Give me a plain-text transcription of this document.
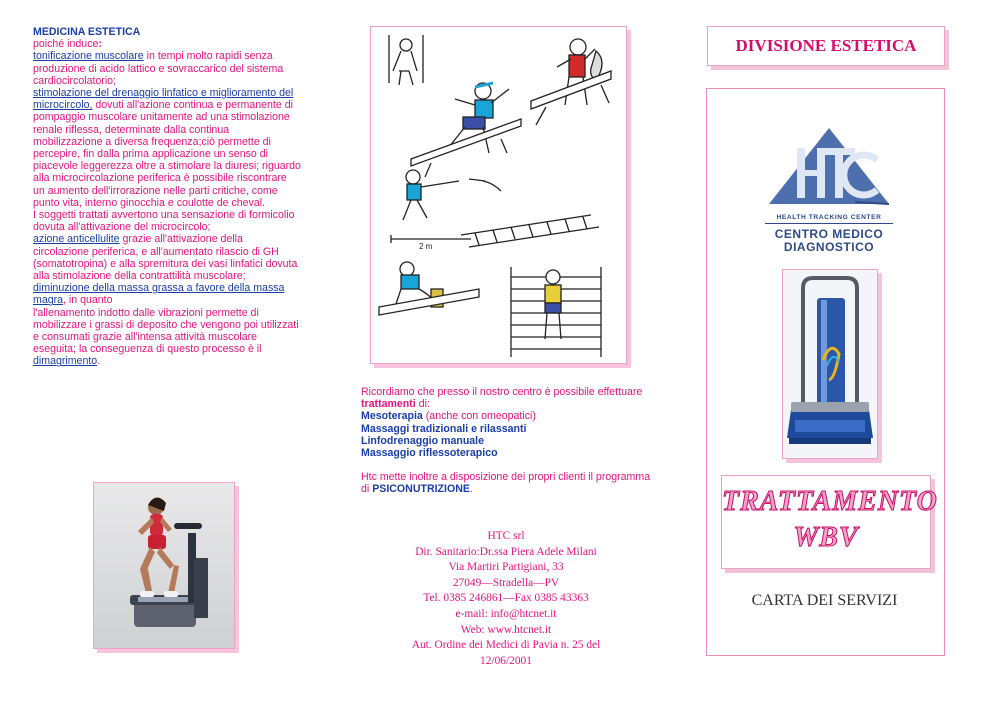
MEDICINA ESTETICA

poiché induce:

tonificazione muscolare in tempi molto rapidi senza produzione di acido lattico e sovraccarico del sistema cardiocircolatorio;

stimolazione del drenaggio linfatico e miglioramento del microcircolo, dovuti all'azione continua e permanente di pompaggio muscolare unitamente ad una stimolazione renale riflessa, determinate dalla continua mobilizzazione a diversa frequenza;ciò permette di percepire, fin dalla prima applicazione un senso di piacevole leggerezza oltre a stimolare la diuresi; riguardo alla microcircolazione periferica è possibile riscontrare un aumento dell'irrorazione nelle parti critiche, come punto vita, interno ginocchia e coulotte de cheval.

I soggetti trattati avvertono una sensazione di formicolio dovuta all'attivazione del microcircolo;

azione anticellulite grazie all'attivazione della circolazione periferica, e all'aumentato rilascio di GH (somatotropina) e alla spremitura dei vasi linfatici dovuta alla stimolazione della contrattilità muscolare;

diminuzione della massa grassa a favore della massa magra, in quanto

l'allenamento indotto dalle vibrazioni permette di mobilizzare i grassi di deposito che vengono poi utilizzati e consumati grazie all'intensa attività muscolare eseguita; la conseguenza di questo processo è il dimagrimento.

2 m

Ricordiamo che presso il nostro centro è possibile effettuare trattamenti di:

Mesoterapia (anche con omeopatici)

Massaggi tradizionali e rilassanti

Linfodrenaggio manuale

Massaggio riflessoterapico

Htc mette inoltre a disposizione dei propri clienti il programma di PSICONUTRIZIONE.

HTC srl
Dir. Sanitario:Dr.ssa Piera Adele Milani
Via Martiri Partigiani, 33
27049—Stradella—PV
Tel. 0385 246861—Fax 0385 43363
e-mail: info@htcnet.it
Web: www.htcnet.it
Aut. Ordine dei Medici di Pavia n. 25 del
12/06/2001
DIVISIONE ESTETICA
HEALTH TRACKING CENTER
CENTRO MEDICO
DIAGNOSTICO
TRATTAMENTO
WBV
CARTA DEI SERVIZI
